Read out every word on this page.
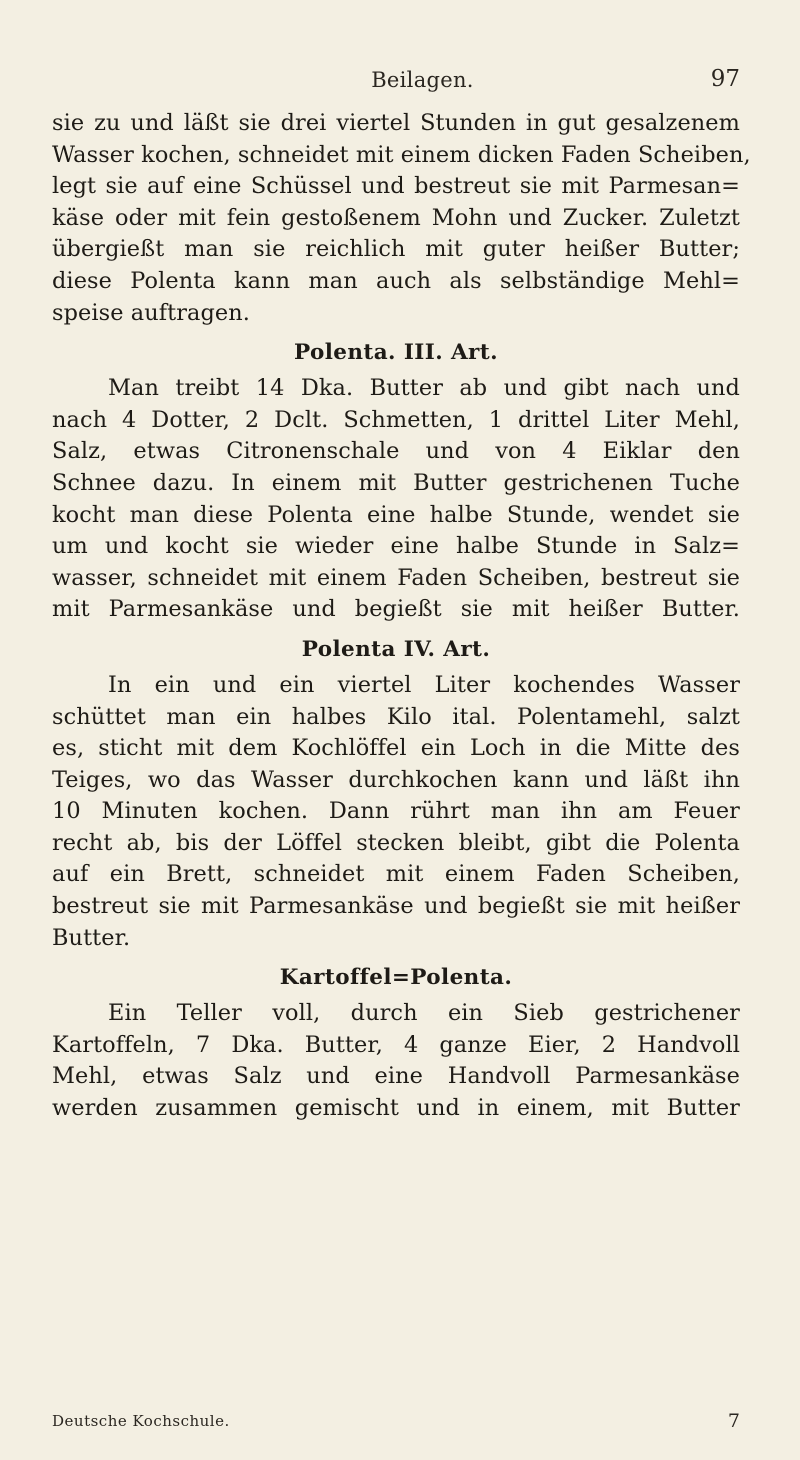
Beilagen.	97
sie zu und läßt sie drei viertel Stunden in gut gesalzenem
Wasser kochen, schneidet mit einem dicken Faden Scheiben,
legt sie auf eine Schüssel und bestreut sie mit Parmesan=
käse oder mit fein gestoßenem Mohn und Zucker. Zuletzt
übergießt man sie reichlich mit guter heißer Butter;
diese Polenta kann man auch als selbständige Mehl=
speise auftragen.
Polenta. III. Art.
Man treibt 14 Dka. Butter ab und gibt nach und
nach 4 Dotter, 2 Dclt. Schmetten, 1 drittel Liter Mehl,
Salz, etwas Citronenschale und von 4 Eiklar den
Schnee dazu. In einem mit Butter gestrichenen Tuche
kocht man diese Polenta eine halbe Stunde, wendet sie
um und kocht sie wieder eine halbe Stunde in Salz=
wasser, schneidet mit einem Faden Scheiben, bestreut sie
mit Parmesankäse und begießt sie mit heißer Butter.
Polenta IV. Art.
In ein und ein viertel Liter kochendes Wasser
schüttet man ein halbes Kilo ital. Polentamehl, salzt
es, sticht mit dem Kochlöffel ein Loch in die Mitte des
Teiges, wo das Wasser durchkochen kann und läßt ihn
10 Minuten kochen. Dann rührt man ihn am Feuer
recht ab, bis der Löffel stecken bleibt, gibt die Polenta
auf ein Brett, schneidet mit einem Faden Scheiben,
bestreut sie mit Parmesankäse und begießt sie mit heißer
Butter.
Kartoffel=Polenta.
Ein Teller voll, durch ein Sieb gestrichener
Kartoffeln, 7 Dka. Butter, 4 ganze Eier, 2 Handvoll
Mehl, etwas Salz und eine Handvoll Parmesankäse
werden zusammen gemischt und in einem, mit Butter
Deutsche Kochschule.	7
